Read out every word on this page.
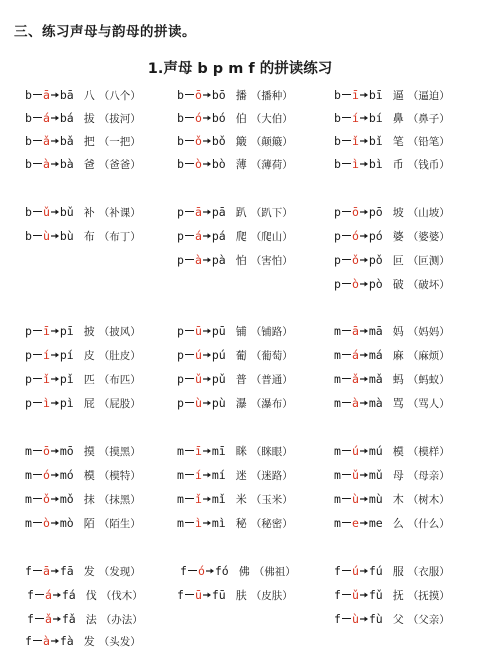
三、练习声母与韵母的拼读。
1.声母 b p m f 的拼读练习
b ā bā 八 （八个）
b á bá 拔 （拔河）
b ǎ bǎ 把 （一把）
b à bà 爸 （爸爸）
b ō bō 播 （播种）
b ó bó 伯 （大伯）
b ǒ bǒ 簸 （颠簸）
b ò bò 薄 （薄荷）
b ī bī 逼 （逼迫）
b í bí 鼻 （鼻子）
b ǐ bǐ 笔 （铅笔）
b ì bì 币 （钱币）
b ǔ bǔ 补 （补课）
b ù bù 布 （布丁）
p ā pā 趴 （趴下）
p á pá 爬 （爬山）
p à pà 怕 （害怕）
p ō pō 坡 （山坡）
p ó pó 婆 （婆婆）
p ǒ pǒ 叵 （叵测）
p ò pò 破 （破坏）
p ī pī 披 （披风）
p í pí 皮 （肚皮）
p ǐ pǐ 匹 （布匹）
p ì pì 屁 （屁股）
p ū pū 铺 （铺路）
p ú pú 葡 （葡萄）
p ǔ pǔ 普 （普通）
p ù pù 瀑 （瀑布）
m ā mā 妈 （妈妈）
m á má 麻 （麻烦）
m ǎ mǎ 蚂 （蚂蚁）
m à mà 骂 （骂人）
m ō mō 摸 （摸黑）
m ó mó 模 （模特）
m ǒ mǒ 抹 （抹黑）
m ò mò 陌 （陌生）
m ī mī 眯 （眯眼）
m í mí 迷 （迷路）
m ǐ mǐ 米 （玉米）
m ì mì 秘 （秘密）
m ú mú 模 （模样）
m ǔ mǔ 母 （母亲）
m ù mù 木 （树木）
m e me 么 （什么）
f ā fā 发 （发现）
f á fá 伐 （伐木）
f ǎ fǎ 法 （办法）
f à fà 发 （头发）
f ó fó 佛 （佛祖）
f ū fū 肤 （皮肤）
f ú fú 服 （衣服）
f ǔ fǔ 抚 （抚摸）
f ù fù 父 （父亲）
